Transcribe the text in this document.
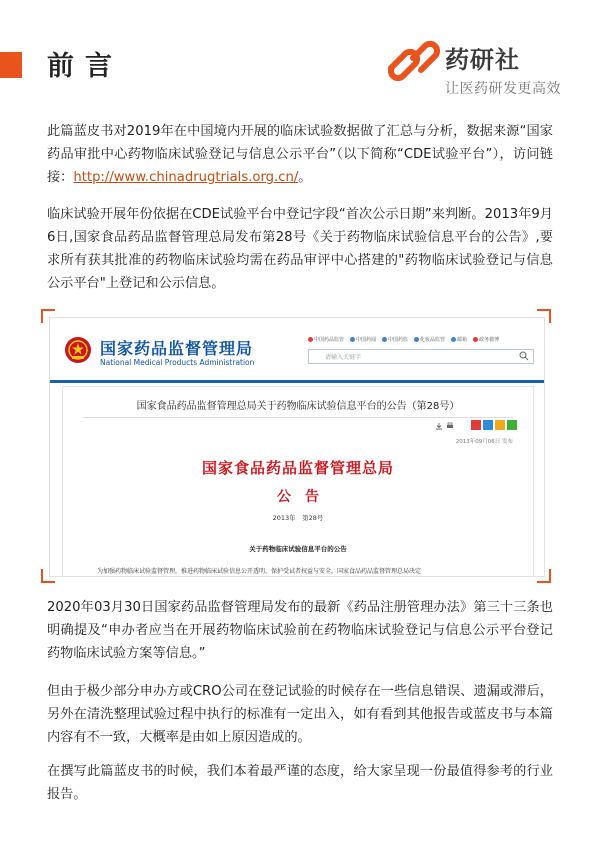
前言	药研社
让医药研发更高效

此篇蓝皮书对2019年在中国境内开展的临床试验数据做了汇总与分析，数据来源“国家药品审批中心药物临床试验登记与信息公示平台”（以下简称“CDE试验平台”），访问链接：http://www.chinadrugtrials.org.cn/。

临床试验开展年份依据在CDE试验平台中登记字段“首次公示日期”来判断。2013年9月6日,国家食品药品监督管理总局发布第28号《关于药物临床试验信息平台的公告》,要求所有获其批准的药物临床试验均需在药品审评中心搭建的"药物临床试验登记与信息公示平台"上登记和公示信息。

国家药品监督管理局
National Medical Products Administration
中国药品监管 中国药闻 中国药监 化妆品监管 邮箱 政务微博
请输入关键字
国家食品药品监督管理总局关于药物临床试验信息平台的公告（第28号）
2013年09月06日 发布
国家食品药品监督管理总局
公告
2013年　第28号
关于药物临床试验信息平台的公告
为加强药物临床试验监督管理，推进药物临床试验信息公开透明，保护受试者权益与安全，国家食品药品监督管理总局决定

2020年03月30日国家药品监督管理局发布的最新《药品注册管理办法》第三十三条也明确提及“申办者应当在开展药物临床试验前在药物临床试验登记与信息公示平台登记药物临床试验方案等信息。”

但由于极少部分申办方或CRO公司在登记试验的时候存在一些信息错误、遗漏或滞后，另外在清洗整理试验过程中执行的标准有一定出入，如有看到其他报告或蓝皮书与本篇内容有不一致，大概率是由如上原因造成的。

在撰写此篇蓝皮书的时候，我们本着最严谨的态度，给大家呈现一份最值得参考的行业报告。
